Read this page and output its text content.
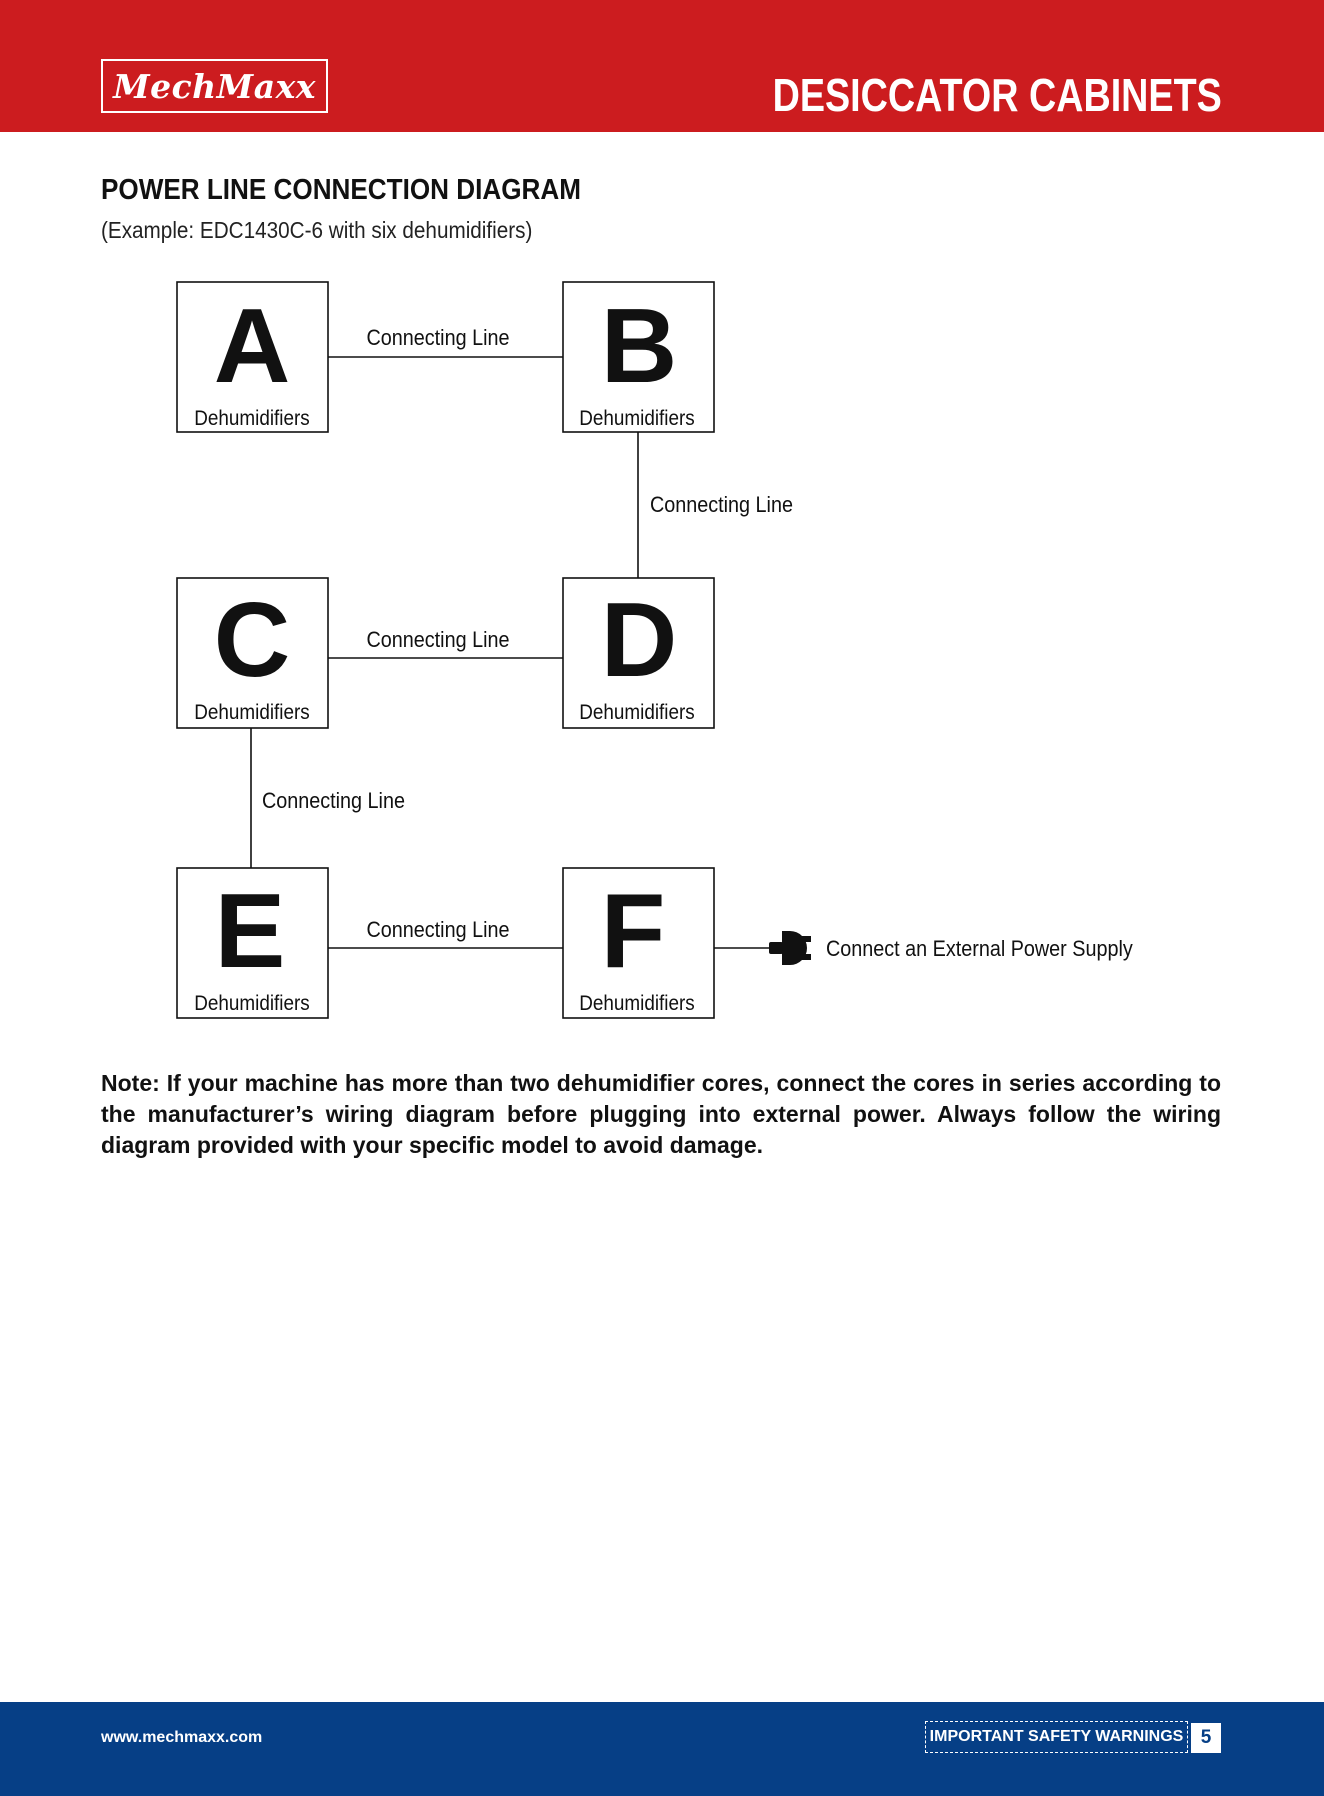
MechMaxx	DESICCATOR CABINETS
POWER LINE CONNECTION DIAGRAM
(Example: EDC1430C-6 with six dehumidifiers)
A
Dehumidifiers
B
Dehumidifiers
C
Dehumidifiers
D
Dehumidifiers
E
Dehumidifiers
F
Dehumidifiers
Connecting Line
Connecting Line
Connecting Line
Connecting Line
Connecting Line
Connect an External Power Supply
Note: If your machine has more than two dehumidifier cores, connect the cores in series according to the manufacturer’s wiring diagram before plugging into external power. Always follow the wiring diagram provided with your specific model to avoid damage.
www.mechmaxx.com	IMPORTANT SAFETY WARNINGS 5
